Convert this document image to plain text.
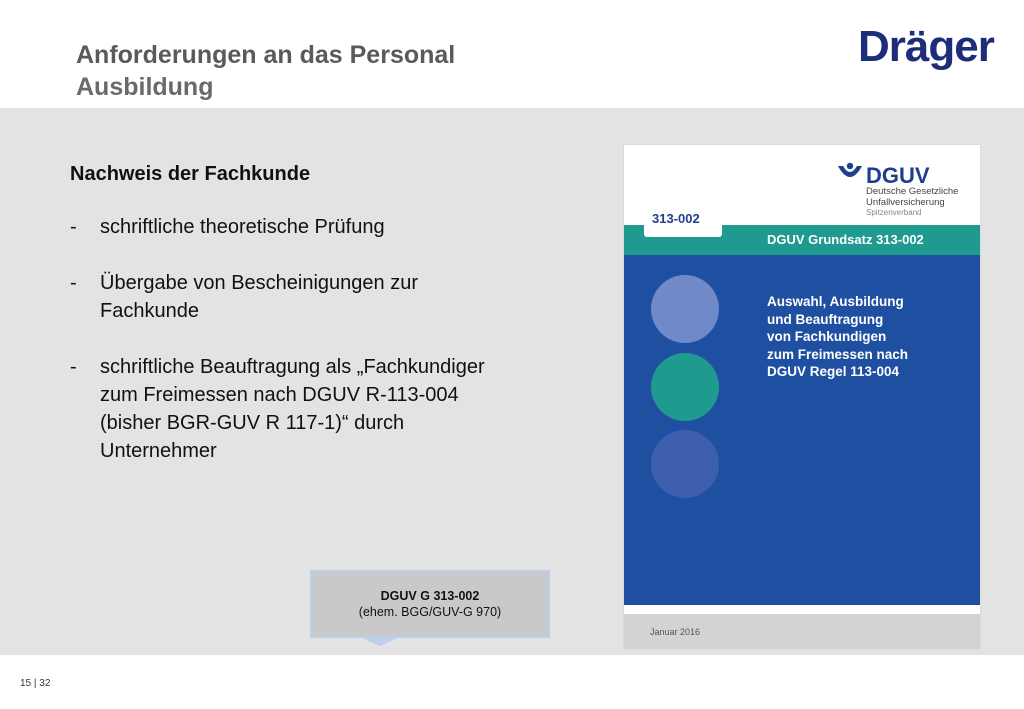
Anforderungen an das Personal
Ausbildung
Dräger
Nachweis der Fachkunde
-	schriftliche theoretische Prüfung
-	Übergabe von Bescheinigungen zur
Fachkunde
-	schriftliche Beauftragung als „Fachkundiger
zum Freimessen nach DGUV R-113-004
(bisher BGR-GUV R 117-1)“ durch
Unternehmer
DGUV
Deutsche Gesetzliche
Unfallversicherung
Spitzenverband
313-002
DGUV Grundsatz 313-002
Auswahl, Ausbildung
und Beauftragung
von Fachkundigen
zum Freimessen nach
DGUV Regel 113-004
Januar 2016
DGUV G 313-002
(ehem. BGG/GUV-G 970)
15 | 32
